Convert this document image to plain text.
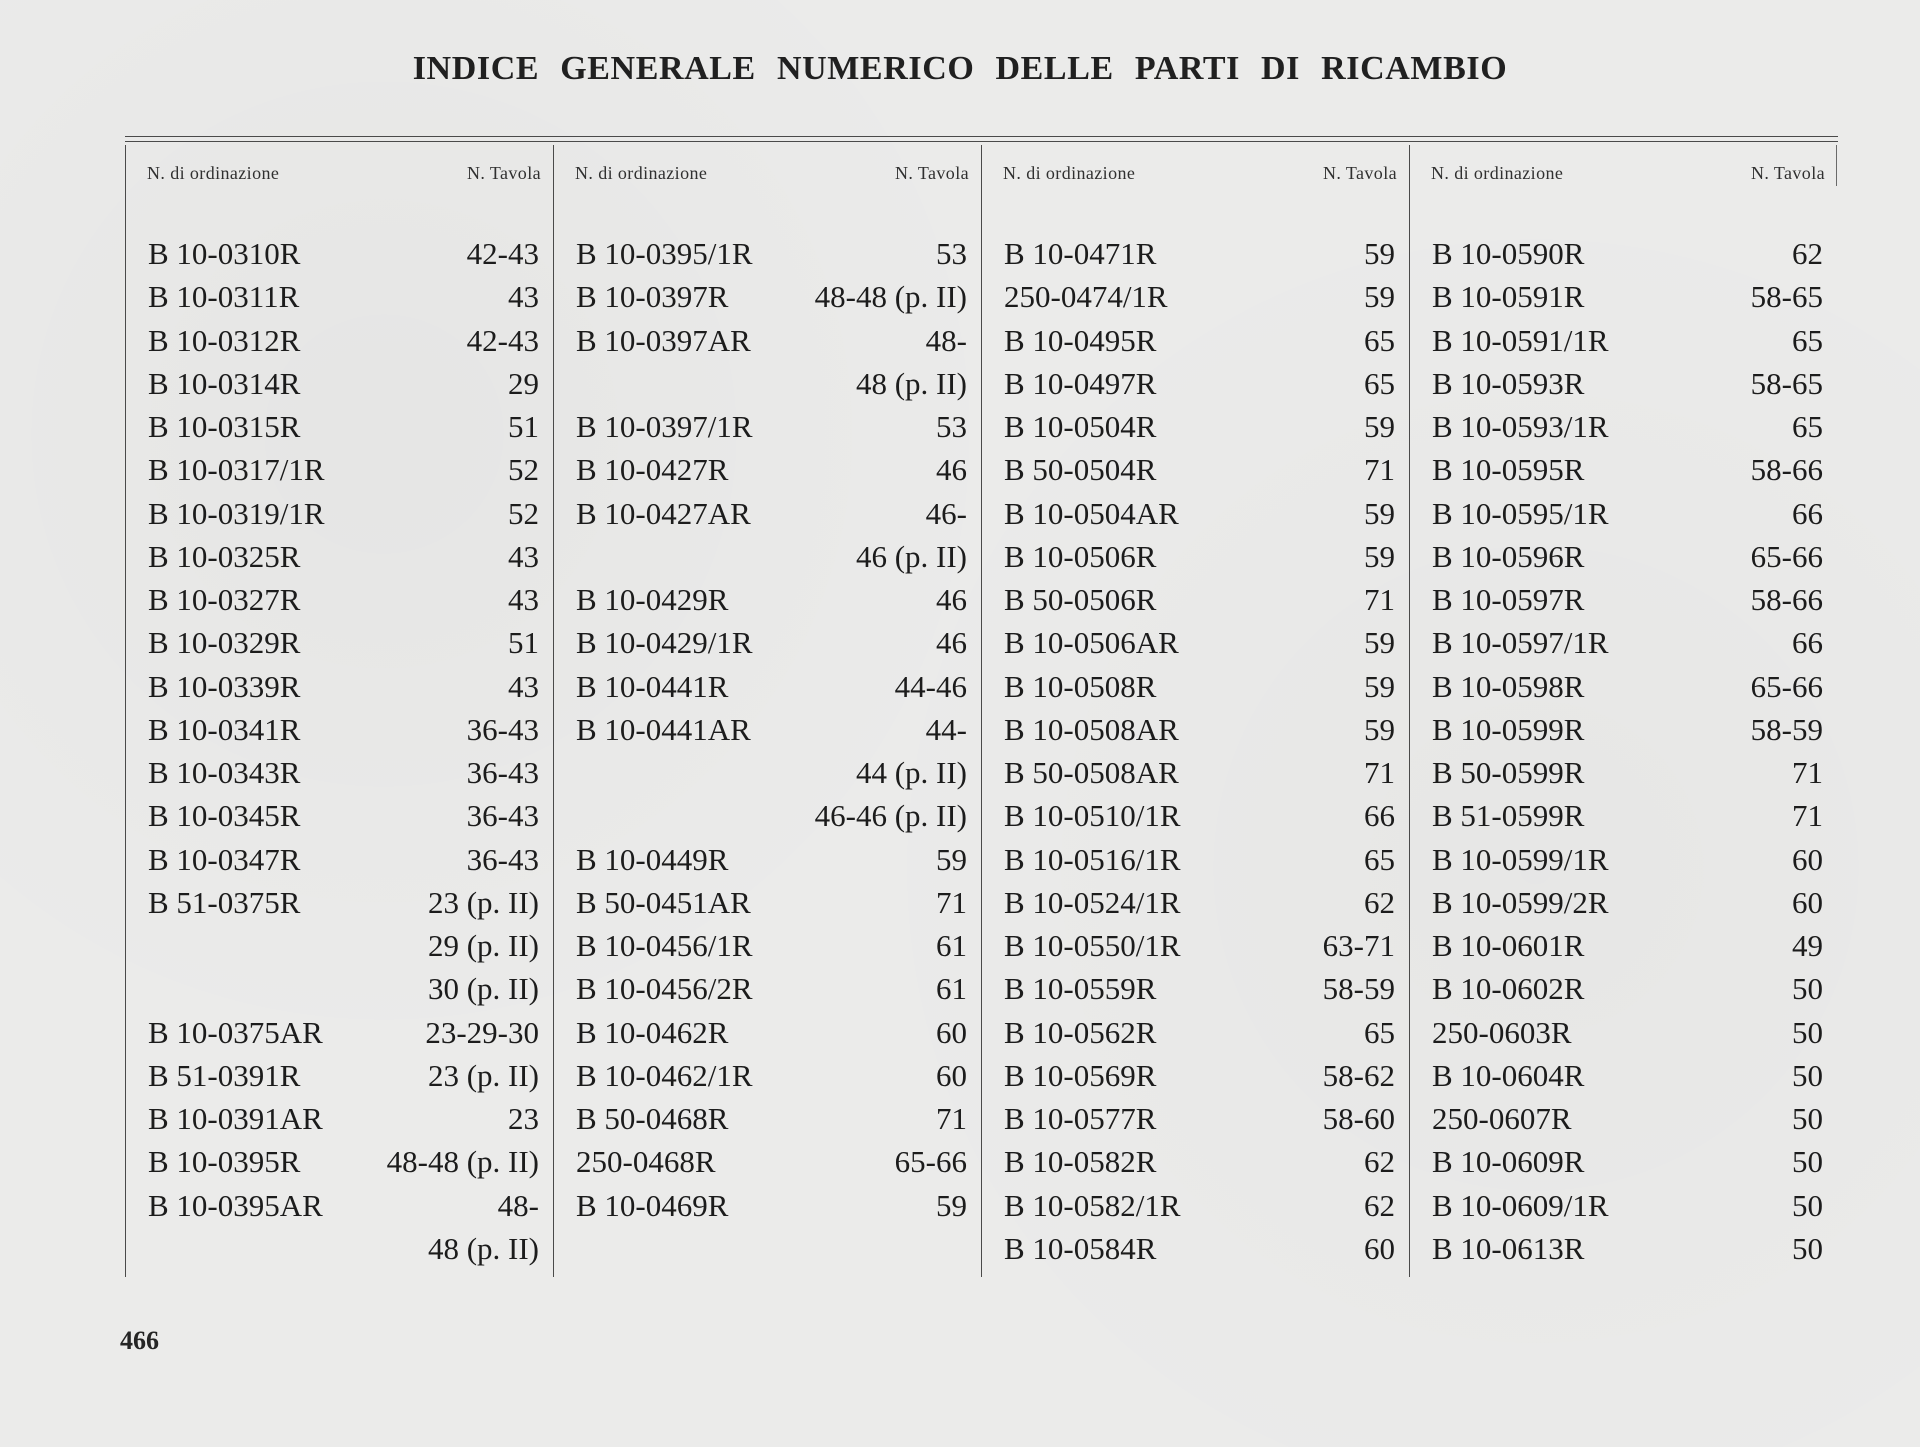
INDICE GENERALE NUMERICO DELLE PARTI DI RICAMBIO
N. di ordinazione	N. Tavola
B 10-0310R	42-43
B 10-0311R	43
B 10-0312R	42-43
B 10-0314R	29
B 10-0315R	51
B 10-0317/1R	52
B 10-0319/1R	52
B 10-0325R	43
B 10-0327R	43
B 10-0329R	51
B 10-0339R	43
B 10-0341R	36-43
B 10-0343R	36-43
B 10-0345R	36-43
B 10-0347R	36-43
B 51-0375R	23 (p. II)
29 (p. II)
30 (p. II)
B 10-0375AR	23-29-30
B 51-0391R	23 (p. II)
B 10-0391AR	23
B 10-0395R	48-48 (p. II)
B 10-0395AR	48-
48 (p. II)
N. di ordinazione	N. Tavola
B 10-0395/1R	53
B 10-0397R	48-48 (p. II)
B 10-0397AR	48-
48 (p. II)
B 10-0397/1R	53
B 10-0427R	46
B 10-0427AR	46-
46 (p. II)
B 10-0429R	46
B 10-0429/1R	46
B 10-0441R	44-46
B 10-0441AR	44-
44 (p. II)
46-46 (p. II)
B 10-0449R	59
B 50-0451AR	71
B 10-0456/1R	61
B 10-0456/2R	61
B 10-0462R	60
B 10-0462/1R	60
B 50-0468R	71
250-0468R	65-66
B 10-0469R	59
N. di ordinazione	N. Tavola
B 10-0471R	59
250-0474/1R	59
B 10-0495R	65
B 10-0497R	65
B 10-0504R	59
B 50-0504R	71
B 10-0504AR	59
B 10-0506R	59
B 50-0506R	71
B 10-0506AR	59
B 10-0508R	59
B 10-0508AR	59
B 50-0508AR	71
B 10-0510/1R	66
B 10-0516/1R	65
B 10-0524/1R	62
B 10-0550/1R	63-71
B 10-0559R	58-59
B 10-0562R	65
B 10-0569R	58-62
B 10-0577R	58-60
B 10-0582R	62
B 10-0582/1R	62
B 10-0584R	60
N. di ordinazione	N. Tavola
B 10-0590R	62
B 10-0591R	58-65
B 10-0591/1R	65
B 10-0593R	58-65
B 10-0593/1R	65
B 10-0595R	58-66
B 10-0595/1R	66
B 10-0596R	65-66
B 10-0597R	58-66
B 10-0597/1R	66
B 10-0598R	65-66
B 10-0599R	58-59
B 50-0599R	71
B 51-0599R	71
B 10-0599/1R	60
B 10-0599/2R	60
B 10-0601R	49
B 10-0602R	50
250-0603R	50
B 10-0604R	50
250-0607R	50
B 10-0609R	50
B 10-0609/1R	50
B 10-0613R	50
466
